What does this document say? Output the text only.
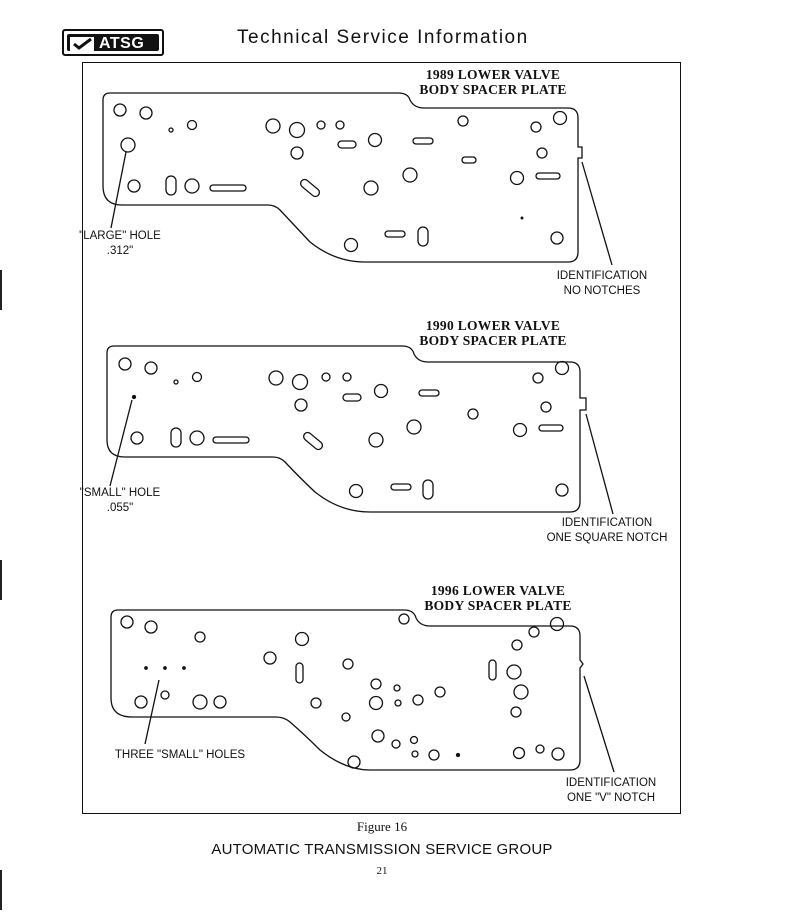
ATSG	Technical Service Information
1989 LOWER VALVE
BODY SPACER PLATE
"LARGE" HOLE
.312"
IDENTIFICATION
NO NOTCHES
1990 LOWER VALVE
BODY SPACER PLATE
"SMALL" HOLE
.055"
IDENTIFICATION
ONE SQUARE NOTCH
1996 LOWER VALVE
BODY SPACER PLATE
THREE "SMALL" HOLES
IDENTIFICATION
ONE "V" NOTCH
Figure 16
AUTOMATIC TRANSMISSION SERVICE GROUP
21
